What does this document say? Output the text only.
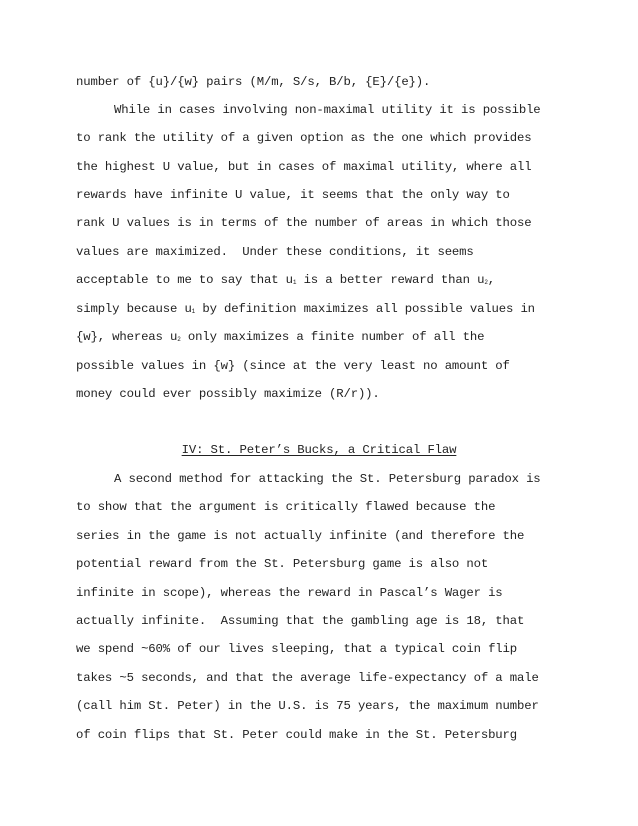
number of {u}/{w} pairs (M/m, S/s, B/b, {E}/{e}).
While in cases involving non-maximal utility it is possible
to rank the utility of a given option as the one which provides
the highest U value, but in cases of maximal utility, where all
rewards have infinite U value, it seems that the only way to
rank U values is in terms of the number of areas in which those
values are maximized.  Under these conditions, it seems
acceptable to me to say that $u_1$ is a better reward than $u_2$,
simply because $u_1$ by definition maximizes all possible values in
{w}, whereas $u_2$ only maximizes a finite number of all the
possible values in {w} (since at the very least no amount of
money could ever possibly maximize (R/r)).
IV: St. Peter’s Bucks, a Critical Flaw
A second method for attacking the St. Petersburg paradox is
to show that the argument is critically flawed because the
series in the game is not actually infinite (and therefore the
potential reward from the St. Petersburg game is also not
infinite in scope), whereas the reward in Pascal’s Wager is
actually infinite.  Assuming that the gambling age is 18, that
we spend ~60% of our lives sleeping, that a typical coin flip
takes ~5 seconds, and that the average life-expectancy of a male
(call him St. Peter) in the U.S. is 75 years, the maximum number
of coin flips that St. Peter could make in the St. Petersburg
